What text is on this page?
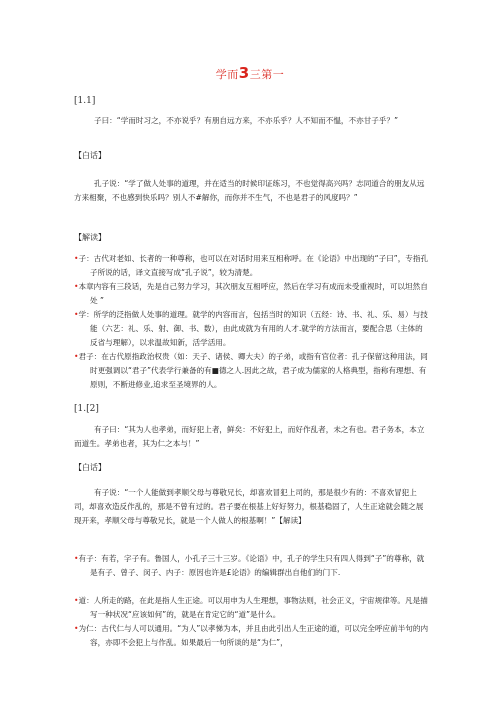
学而3三第一
[1.1]
子曰：“学而时习之，不亦说乎？有朋自远方来，不亦乐乎？人不知而不愠，不亦甘子乎？”
【白话】
孔子说：“学了做人处事的道理，并在适当的时候印证练习，不也觉得高兴吗？志同道合的朋友从远方来相聚，不也感到快乐吗？别人不#解你，而你并不生气，不也是君子的风度吗？”
【解读】
•子：古代对老如、长者的一种尊称，也可以在对话时用来互相称呼。在《论语》中出现的“子曰”，专指孔子所说的话，译文直接写成“孔子说”，较为清楚。
•本章内容有三段话，先是自己努力学习，其次朋友互相呼应，然后在学习有成而未受重视时，可以坦然自处 ”
•学：所学的泛指做人处事的道理。就学的内容而言，包括当时的知识（五经：诗、书、礼、乐、易）与技能（六艺：礼、乐、射、御、书、数），由此成就为有用的人才.就学的方法而言，要配合思（主体的反省与理解），以求温故知新，活学活用。
•君子：在古代原指政治权贵（如：天子、诸侯、卿大夫）的子弟，或指有官位者：孔子保留这种用法，同时更强调以“君子”代表学行兼备的有■德之人.因此之故，君子成为儒家的人格典型，指称有理想、有原则，不断进修业,追求至圣境界的人。
[1.[2]
有子曰：“其为人也孝弟，而好犯上者，鲜矣：不好犯上，而好作乱者，未之有也。君子务本，本立而道生。孝弟也者，其为仁之本与！”
【白话】
有子说：“一个人能做到孝顺父母与尊敬兄长，却喜欢冒犯上司的，那是很少有的：不喜欢冒犯上司，却喜欢造反作乱的，那是不曾有过的。君子要在根基上好好努力，根基稳固了，人生正途就会随之展现开来，孝顺父母与尊敬兄长，就是一个人做人的根基啊！”【解读】
•有子：有若，字子有。鲁国人，小孔子三十三岁。《论语》中，孔子的学生只有四人得到“子”的尊称，就是有子、曾子、闵子、内子：原因也许是£论语》的编辑群出自他们的门下.
•道：人所走的路，在此是指人生正途。可以用申为人生理想，事物法则，社会正义，宇宙规律等。凡是描写一种状况“应该如何”的，就是在肯定它的“道”是什么。
•为仁：古代仁与人可以通用。“为人”以孝悌为本，并且由此引出人生正途的道，可以完全呼应前半句的内容，亦即不会犯上与作乱。如果最后一句所谈的是“为仁”，
